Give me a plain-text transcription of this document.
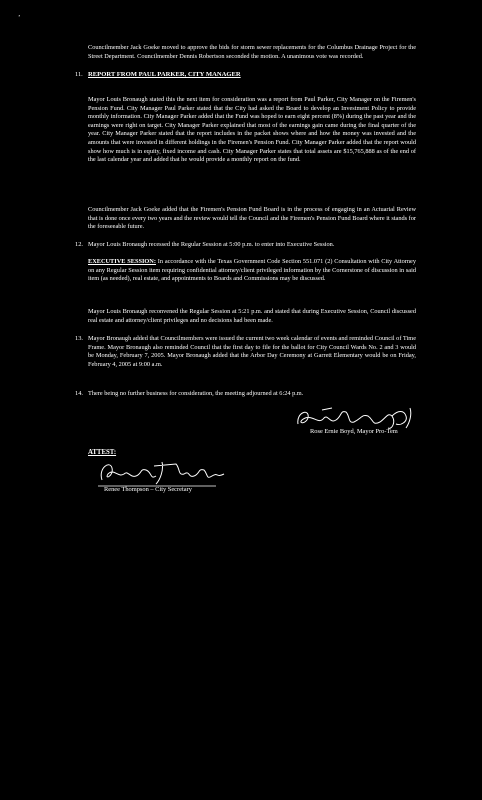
’

Councilmember Jack Goeke moved to approve the bids for storm sewer replacements for the Columbus Drainage Project for the Street Department. Councilmember Dennis Robertson seconded the motion. A unanimous vote was recorded.

11. REPORT FROM PAUL PARKER, CITY MANAGER

Mayor Louis Bronaugh stated this the next item for consideration was a report from Paul Parker, City Manager on the Firemen's Pension Fund. City Manager Paul Parker stated that the City had asked the Board to develop an Investment Policy to provide monthly information. City Manager Parker added that the Fund was hoped to earn eight percent (8%) during the past year and the earnings were right on target. City Manager Parker explained that most of the earnings gain came during the final quarter of the year. City Manager Parker stated that the report includes in the packet shows where and how the money was invested and the amounts that were invested in different holdings in the Firemen's Pension Fund. City Manager Parker added that the report would show how much is in equity, fixed income and cash. City Manager Parker states that total assets are $15,765,888 as of the end of the last calendar year and added that he would provide a monthly report on the fund.

Councilmember Jack Goeke added that the Firemen's Pension Fund Board is in the process of engaging in an Actuarial Review that is done once every two years and the review would tell the Council and the Firemen's Pension Fund Board where it stands for the foreseeable future.

12. Mayor Louis Bronaugh recessed the Regular Session at 5:00 p.m. to enter into Executive Session.

EXECUTIVE SESSION: In accordance with the Texas Government Code Section 551.071 (2) Consultation with City Attorney on any Regular Session item requiring confidential attorney/client privileged information by the Cornerstone of discussion in said item (as needed), real estate, and appointments to Boards and Commissions may be discussed.

Mayor Louis Bronaugh reconvened the Regular Session at 5:21 p.m. and stated that during Executive Session, Council discussed real estate and attorney/client privileges and no decisions had been made.

13. Mayor Bronaugh added that Councilmembers were issued the current two week calendar of events and reminded Council of Time Frame. Mayor Bronaugh also reminded Council that the first day to file for the ballot for City Council Wards No. 2 and 3 would be Monday, February 7, 2005. Mayor Bronaugh added that the Arbor Day Ceremony at Garrett Elementary would be on Friday, February 4, 2005 at 9:00 a.m.

14. There being no further business for consideration, the meeting adjourned at 6:24 p.m.

Rose Ernie Boyd, Mayor Pro-Tem
ATTEST:
Renee Thompson – City Secretary
